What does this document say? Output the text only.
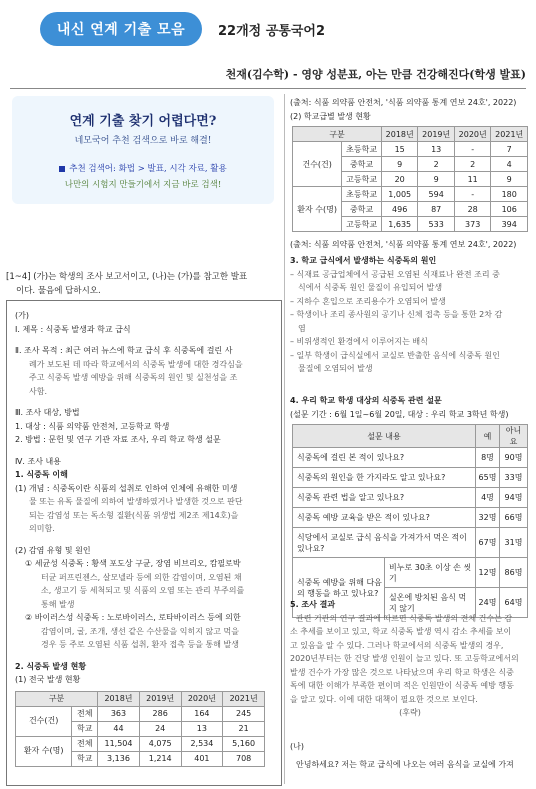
내신 연계 기출 모음	22개정 공통국어2
천재(김수학) - 영양 성분표, 아는 만큼 건강해진다(학생 발표)
연계 기출 찾기 어렵다면?
네모국어 추천 검색으로 바로 해결!
추천 검색어: 화법 > 발표, 시각 자료, 활용
나만의 시험지 만들기에서 지금 바로 검색!
[1~4] (가)는 학생의 조사 보고서이고, (나)는 (가)를 참고한 발표
이다. 물음에 답하시오.

(가)

Ⅰ. 제목 : 식중독 발생과 학교 급식

Ⅱ. 조사 목적 : 최근 여러 뉴스에 학교 급식 후 식중독에 걸린 사

례가 보도된 데 따라 학교에서의 식중독 발생에 대한 경각심을

주고 식중독 발생 예방을 위해 식중독의 원인 및 실천성을 조

사함.

Ⅲ. 조사 대상, 방법

1. 대상 : 식품 의약품 안전처, 고등학교 학생

2. 방법 : 문헌 및 연구 기관 자료 조사, 우리 학교 학생 설문

Ⅳ. 조사 내용

1. 식중독 이해

(1) 개념 : 식중독이란 식품의 섭취로 인하여 인체에 유해한 미생

물 또는 유독 물질에 의하여 발생하였거나 발생한 것으로 판단

되는 감염성 또는 독소형 질환(식품 위생법 제2조 제14호)을

의미함.

(2) 감염 유형 및 원인

① 세균성 식중독 : 황색 포도상 구균, 장염 비브리오, 캄필로박

터균 퍼프린젠스, 살모넬라 등에 의한 감염이며, 오염된 채

소, 생고기 등 세척되고 및 식품의 오염 또는 관리 부주의를

통해 발생

② 바이러스성 식중독 : 노로바이러스, 로타바이러스 등에 의한

감염이며, 굴, 조개, 생선 같은 수산물을 익히지 않고 먹을

경우 등 주로 오염된 식품 섭취, 환자 접촉 등을 통해 발생

2. 식중독 발생 현황

(1) 전국 발생 현황

구분		2018년	2019년	2020년	2021년
건수(건)	전체	363	286	164	245
	학교	44	24	13	21
환자 수(명)	전체	11,504	4,075	2,534	5,160
	학교	3,136	1,214	401	708
(출처: 식품 의약품 안전처, '식품 의약품 통계 연보 24호', 2022)
(2) 학교급별 발생 현황
구분		2018년	2019년	2020년	2021년
건수(건)	초등학교	15	13	-	7
	중학교	9	2	2	4
	고등학교	20	9	11	9
환자 수(명)	초등학교	1,005	594	-	180
	중학교	496	87	28	106
	고등학교	1,635	533	373	394
(출처: 식품 의약품 안전처, '식품 의약품 통계 연보 24호', 2022)

3. 학교 급식에서 발생하는 식중독의 원인

– 식재료 공급업체에서 공급된 오염된 식재료나 완전 조리 중

식에서 식중독 원인 물질이 유입되어 발생

– 지하수 혼입으로 조리용수가 오염되어 발생

– 학생이나 조리 종사원의 공기나 신체 접촉 등을 통한 2차 감

염

– 비위생적인 환경에서 이루어지는 배식

– 일부 학생이 급식실에서 교실로 반출한 음식에 식중독 원인

물질에 오염되어 발생

4. 우리 학교 학생 대상의 식중독 관련 설문

(설문 기간 : 6월 1일~6월 20일, 대상 : 우리 학교 3학년 학생)

설문 내용		예	아니요
식중독에 걸린 본 적이 있나요?		8명	90명
식중독의 원인을 한 가지라도 알고 있나요?		65명	33명
식중독 관련 법을 알고 있나요?		4명	94명
식중독 예방 교육을 받은 적이 있나요?		32명	66명
식당에서 교실로 급식 음식을 가져가서 먹은 적이 있나요?		67명	31명
식중독 예방을 위해 다음의 행동을 하고 있나요?	비누로 30초 이상 손 씻기	12명	86명
	실온에 방치된 음식 먹지 않기	24명	64명

5. 조사 결과

관련 기관의 연구 결과에 따르면 식중독 발생의 전체 건수는 감

소 추세를 보이고 있고, 학교 식중독 발생 역시 감소 추세를 보이

고 있음을 알 수 있다. 그러나 학교에서의 식중독 발생의 경우,

2020년부터는 한 건당 발생 인원이 늘고 있다. 또 고등학교에서의

발생 건수가 가장 많은 것으로 나타났으며 우리 학교 학생은 식중

독에 대한 이해가 부족한 편이며 적은 인원만이 식중독 예방 행동

을 알고 있다. 이에 대한 대책이 필요한 것으로 보인다.

(후략)

(나)
안녕하세요? 저는 학교 급식에 나오는 여러 음식을 교실에 가져
